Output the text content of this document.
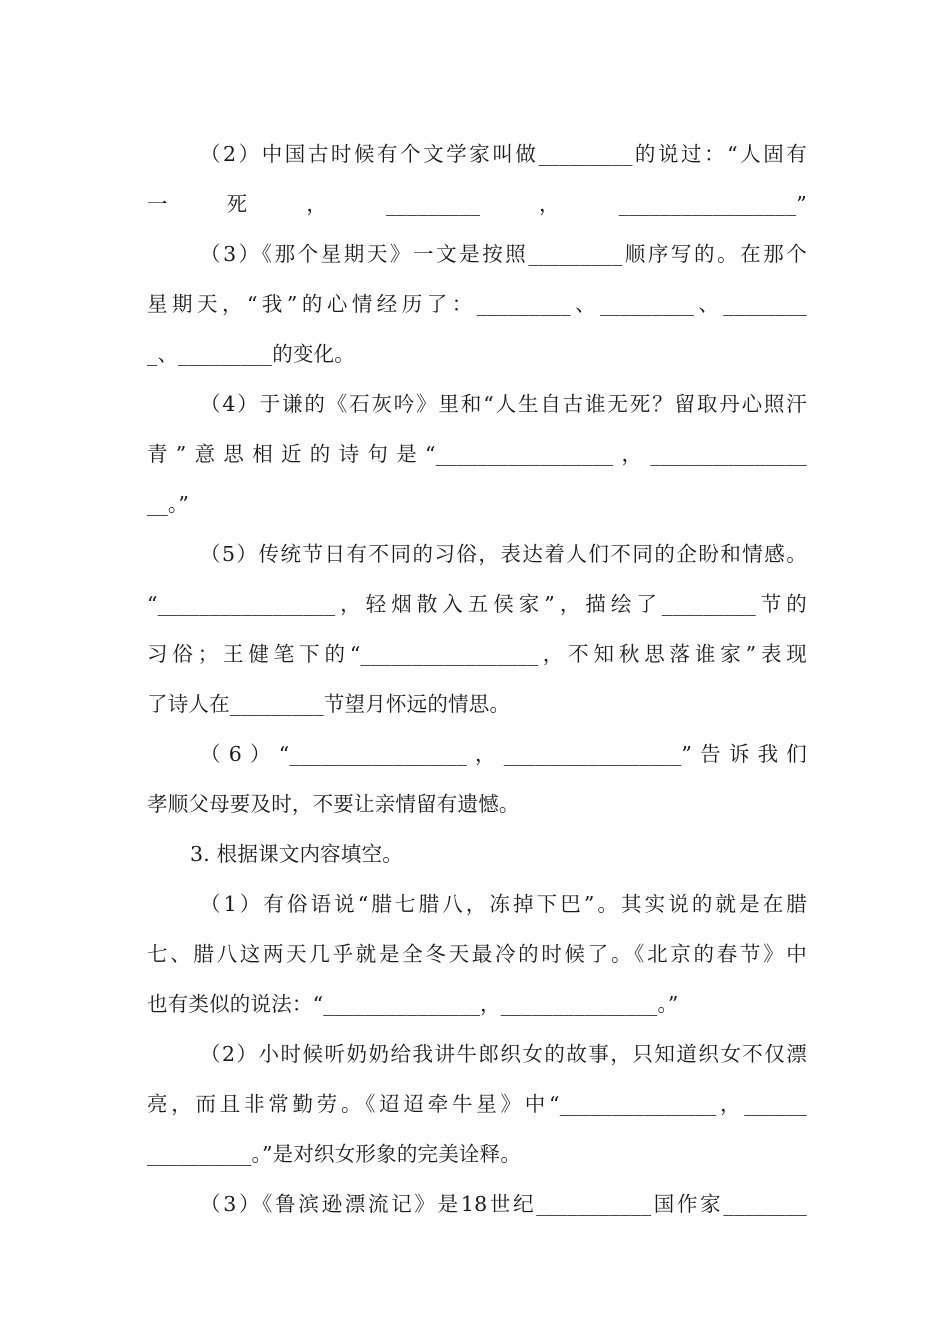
（2）中国古时候有个文学家叫做_________的说过：“人固有
一死，_________，_________________”
（3）《那个星期天》一文是按照_________顺序写的。在那个
星期天，“我”的心情经历了：_________、_________、________
_、_________的变化。
（4）于谦的《石灰吟》里和“人生自古谁无死？留取丹心照汗
青”意思相近的诗句是“_________________，_______________
__。”
（5）传统节日有不同的习俗，表达着人们不同的企盼和情感。
“_________________，轻烟散入五侯家”，描绘了_________节的
习俗；王健笔下的“_________________，不知秋思落谁家”表现
了诗人在_________节望月怀远的情思。
（6）“_________________，_________________”告诉我们
孝顺父母要及时，不要让亲情留有遗憾。
3. 根据课文内容填空。
（1）有俗语说“腊七腊八，冻掉下巴”。其实说的就是在腊
七、腊八这两天几乎就是全冬天最冷的时候了。《北京的春节》中
也有类似的说法：“_______________，_______________。”
（2）小时候听奶奶给我讲牛郎织女的故事，只知道织女不仅漂
亮，而且非常勤劳。《迢迢牵牛星》中“_______________，______
__________。”是对织女形象的完美诠释。
（3）《鲁滨逊漂流记》是18世纪___________国作家________
